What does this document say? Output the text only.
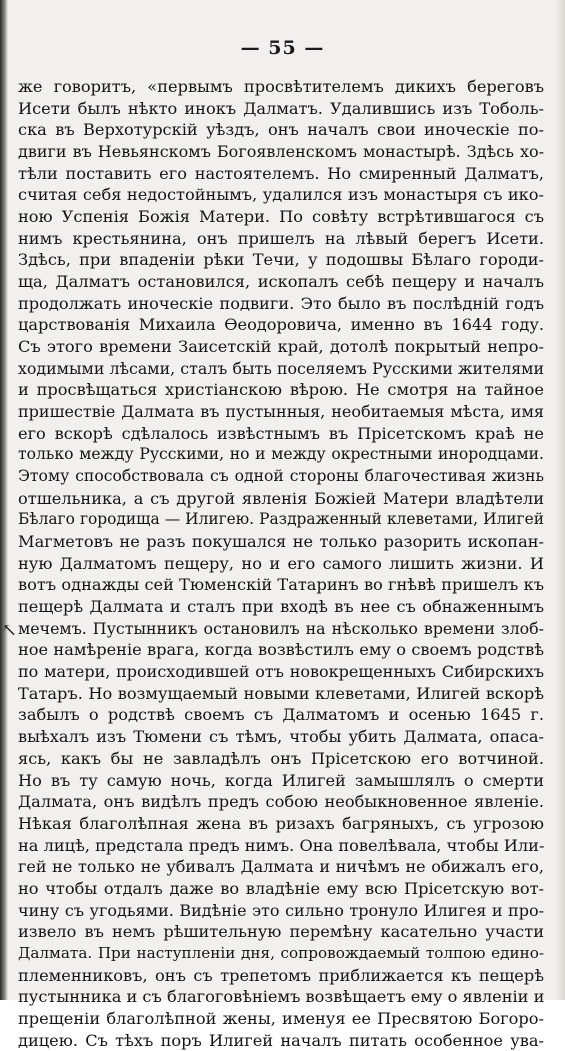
— 55 —
же говоритъ, «первымъ просвѣтителемъ дикихъ береговъ
Исети былъ нѣкто инокъ Далматъ. Удалившись изъ Тоболь-
ска въ Верхотурскій уѣздъ, онъ началъ свои иноческіе по-
двиги въ Невьянскомъ Богоявленскомъ монастырѣ. Здѣсь хо-
тѣли поставить его настоятелемъ. Но смиренный Далматъ,
считая себя недостойнымъ, удалился изъ монастыря съ ико-
ною Успенія Божія Матери. По совѣту встрѣтившагося съ
нимъ крестьянина, онъ пришелъ на лѣвый берегъ Исети.
Здѣсь, при впаденіи рѣки Течи, у подошвы Бѣлаго городи-
ща, Далматъ остановился, ископалъ себѣ пещеру и началъ
продолжать иноческіе подвиги. Это было въ послѣдній годъ
царствованія Михаила Ѳеодоровича, именно въ 1644 году.
Съ этого времени Заисетскій край, дотолѣ покрытый непро-
ходимыми лѣсами, сталъ быть поселяемъ Русскими жителями
и просвѣщаться христіанскою вѣрою. Не смотря на тайное
пришествіе Далмата въ пустынныя, необитаемыя мѣста, имя
его вскорѣ сдѣлалось извѣстнымъ въ Прісетскомъ краѣ не
только между Русскими, но и между окрестными инородцами.
Этому способствовала съ одной стороны благочестивая жизнь
отшельника, а съ другой явленія Божіей Матери владѣтели
Бѣлаго городища — Илигею. Раздраженный клеветами, Илигей
Магметовъ не разъ покушался не только разорить ископан-
ную Далматомъ пещеру, но и его самого лишить жизни. И
вотъ однажды сей Тюменскій Татаринъ во гнѣвѣ пришелъ къ
пещерѣ Далмата и сталъ при входѣ въ нее съ обнаженнымъ
мечемъ. Пустынникъ остановилъ на нѣсколько времени злоб-
ное намѣреніе врага, когда возвѣстилъ ему о своемъ родствѣ
по матери, происходившей отъ новокрещенныхъ Сибирскихъ
Татаръ. Но возмущаемый новыми клеветами, Илигей вскорѣ
забылъ о родствѣ своемъ съ Далматомъ и осенью 1645 г.
выѣхалъ изъ Тюмени съ тѣмъ, чтобы убить Далмата, опаса-
ясь, какъ бы не завладѣлъ онъ Прісетскою его вотчиной.
Но въ ту самую ночь, когда Илигей замышлялъ о смерти
Далмата, онъ видѣлъ предъ собою необыкновенное явленіе.
Нѣкая благолѣпная жена въ ризахъ багряныхъ, съ угрозою
на лицѣ, предстала предъ нимъ. Она повелѣвала, чтобы Или-
гей не только не убивалъ Далмата и ничѣмъ не обижалъ его,
но чтобы отдалъ даже во владѣніе ему всю Прісетскую вот-
чину съ угодьями. Видѣніе это сильно тронуло Илигея и про-
извело въ немъ рѣшительную перемѣну касательно участи
Далмата. При наступленіи дня, сопровождаемый толпою едино-
племенниковъ, онъ съ трепетомъ приближается къ пещерѣ
пустынника и съ благоговѣніемъ возвѣщаетъ ему о явленіи и
прещеніи благолѣпной жены, именуя ее Пресвятою Богоро-
дицею. Съ тѣхъ поръ Илигей началъ питать особенное ува-
↖
